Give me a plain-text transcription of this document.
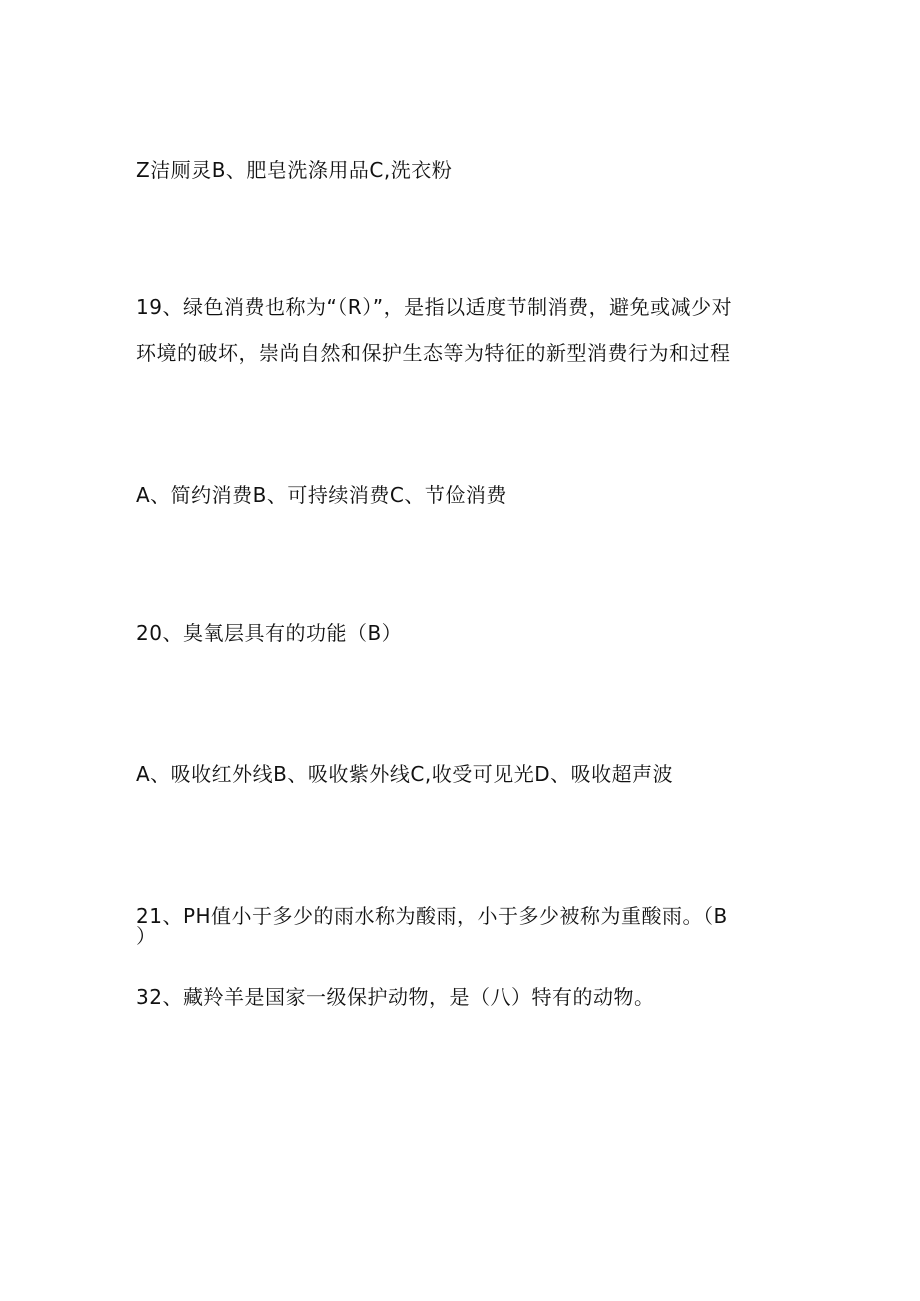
Z洁厕灵B、肥皂洗涤用品C,洗衣粉
19、绿色消费也称为“（R）”，是指以适度节制消费，避免或减少对
环境的破坏，崇尚自然和保护生态等为特征的新型消费行为和过程
A、简约消费B、可持续消费C、节俭消费
20、臭氧层具有的功能（B）
A、吸收红外线B、吸收紫外线C,收受可见光D、吸收超声波
21、PH值小于多少的雨水称为酸雨，小于多少被称为重酸雨。（B
）
32、藏羚羊是国家一级保护动物，是（八）特有的动物。
